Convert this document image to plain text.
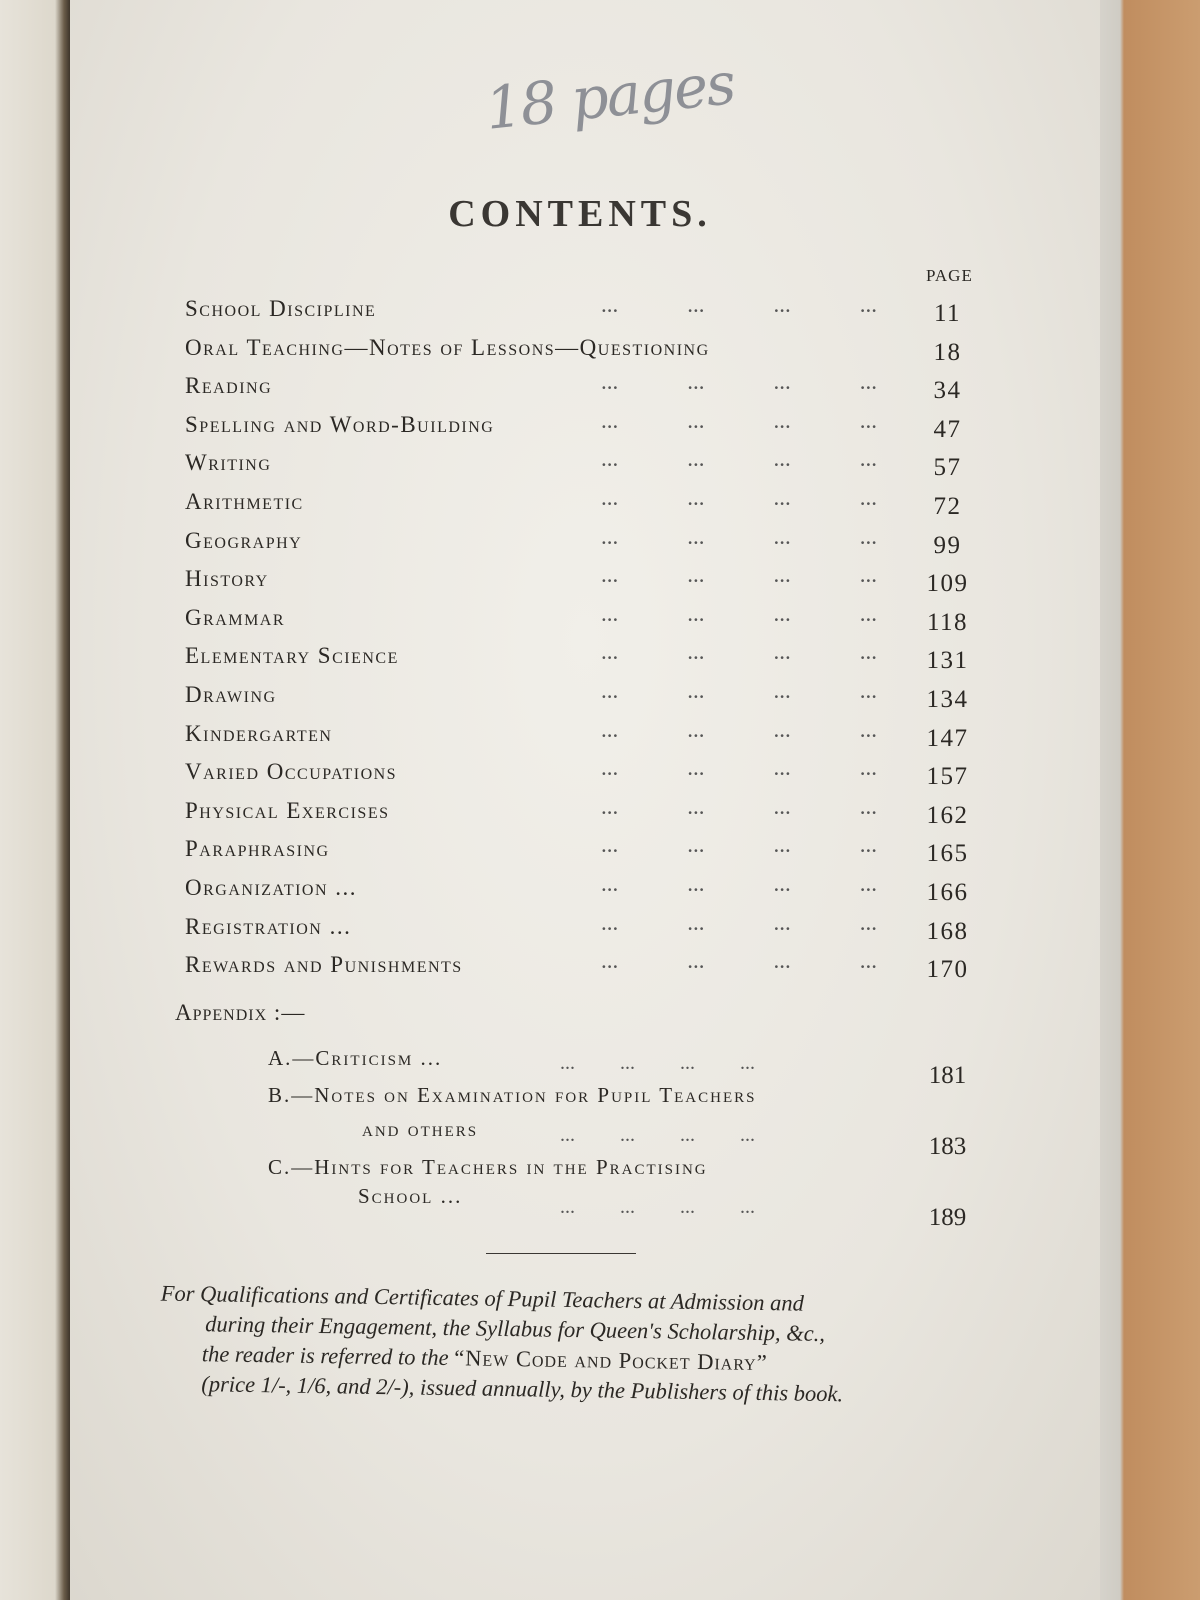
18 pages
CONTENTS.
PAGE
School Discipline	...            ...            ...            ...	11
Oral Teaching—Notes of Lessons—Questioning	18
Reading	...            ...            ...            ...	34
Spelling and Word-Building	...            ...            ...            ...	47
Writing	...            ...            ...            ...	57
Arithmetic	...            ...            ...            ...	72
Geography	...            ...            ...            ...	99
History	...            ...            ...            ... 109
Grammar	...            ...            ...            ... 118
Elementary Science	...            ...            ...            ... 131
Drawing	...            ...            ...            ... 134
Kindergarten	...            ...            ...            ... 147
Varied Occupations	...            ...            ...            ... 157
Physical Exercises	...            ...            ...            ... 162
Paraphrasing	...            ...            ...            ... 165
Organization ...	...            ...            ...            ... 166
Registration ...	...            ...            ...            ... 168
Rewards and Punishments	...            ...            ...            ... 170
Appendix :—
A.—Criticism ...	...         ...         ...         ...	181
B.—Notes on Examination for Pupil Teachers
and others	...         ...         ...         ...	183
C.—Hints for Teachers in the Practising
School ...	...         ...         ...         ...	189
For Qualifications and Certificates of Pupil Teachers at Admission and
during their Engagement, the Syllabus for Queen's Scholarship, &c.,
the reader is referred to the “New Code and Pocket Diary”
(price 1/-, 1/6, and 2/-), issued annually, by the Publishers of this book.
